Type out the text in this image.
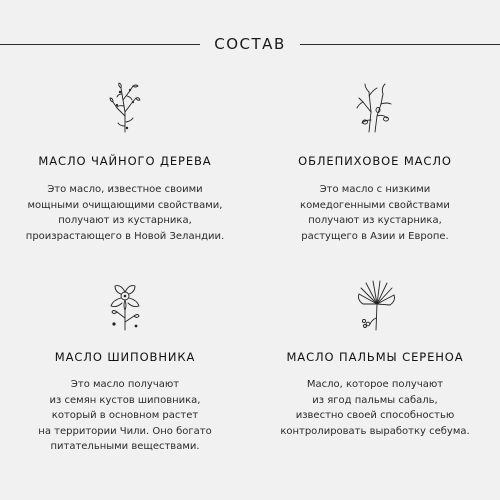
СОСТАВ
МАСЛО ЧАЙНОГО ДЕРЕВА
Это масло, известное своими
мощными очищающими свойствами,
получают из кустарника,
произрастающего в Новой Зеландии.
ОБЛЕПИХОВОЕ МАСЛО
Это масло с низкими
комедогенными свойствами
получают из кустарника,
растущего в Азии и Европе.
МАСЛО ШИПОВНИКА
Это масло получают
из семян кустов шиповника,
который в основном растет
на территории Чили. Оно богато
питательными веществами.
МАСЛО ПАЛЬМЫ СЕРЕНОА
Масло, которое получают
из ягод пальмы сабаль,
известно своей способностью
контролировать выработку себума.
